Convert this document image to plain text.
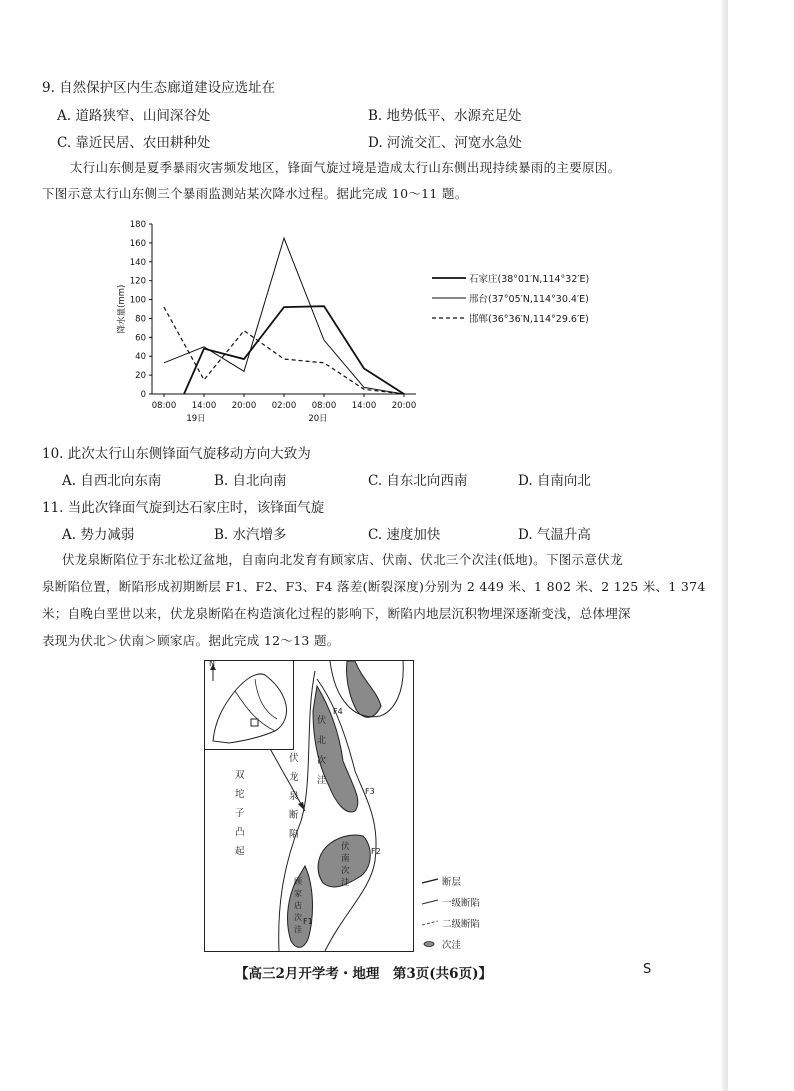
9. 自然保护区内生态廊道建设应选址在
A. 道路狭窄、山间深谷处	B. 地势低平、水源充足处
C. 靠近民居、农田耕种处	D. 河流交汇、河宽水急处
太行山东侧是夏季暴雨灾害频发地区，锋面气旋过境是造成太行山东侧出现持续暴雨的主要原因。
下图示意太行山东侧三个暴雨监测站某次降水过程。据此完成 10～11 题。
0
20
40
60
80
100
120
140
160
180
08:00 14:00 20:00 02:00 08:00 14:00 20:00
19日	20日
降水量(mm)
石家庄(38°01′N,114°32′E)
邢台(37°05′N,114°30.4′E)
邯郸(36°36′N,114°29.6′E)
10. 此次太行山东侧锋面气旋移动方向大致为
A. 自西北向东南	B. 自北向南	C. 自东北向西南	D. 自南向北
11. 当此次锋面气旋到达石家庄时，该锋面气旋
A. 势力减弱	B. 水汽增多	C. 速度加快	D. 气温升高
伏龙泉断陷位于东北松辽盆地，自南向北发育有顾家店、伏南、伏北三个次洼(低地)。下图示意伏龙
泉断陷位置，断陷形成初期断层 F1、F2、F3、F4 落差(断裂深度)分别为 2 449 米、1 802 米、2 125 米、1 374
米；自晚白垩世以来，伏龙泉断陷在构造演化过程的影响下，断陷内地层沉积物埋深逐渐变浅，总体埋深
表现为伏北＞伏南＞顾家店。据此完成 12～13 题。
N
双坨子凸起
伏龙泉断陷
伏北次洼
伏南次洼
顾家店次洼
F1
F2
F3
F4
断层
一级断陷
二级断陷
次洼
【高三2月开学考・地理　第3页(共6页)】	S
